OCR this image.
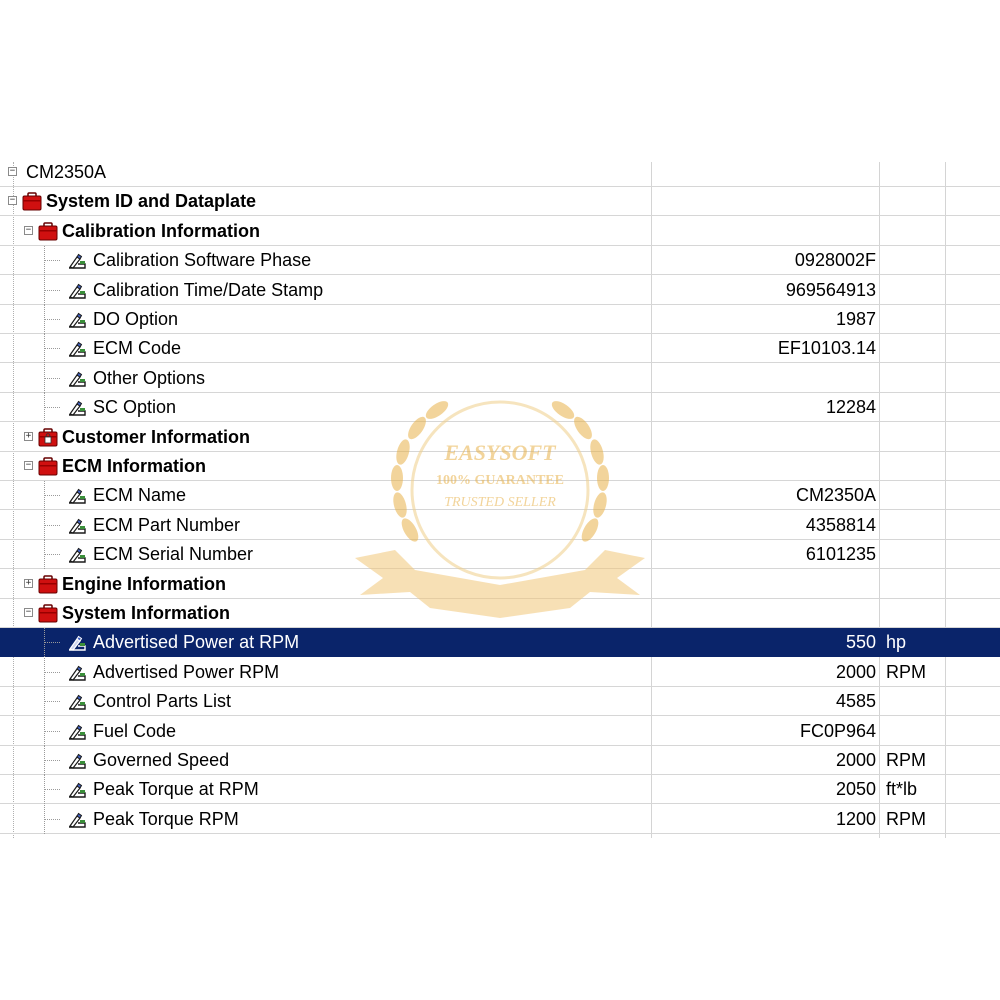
− CM2350A
− System ID and Dataplate
− Calibration Information
Calibration Software Phase	0928002F
Calibration Time/Date Stamp	969564913
DO Option	1987
ECM Code	EF10103.14
Other Options
SC Option	12284
+ Customer Information
− ECM Information
ECM Name	CM2350A
ECM Part Number	4358814
ECM Serial Number	6101235
+ Engine Information
− System Information
Advertised Power at RPM	550 hp
Advertised Power RPM	2000 RPM
Control Parts List	4585
Fuel Code	FC0P964
Governed Speed	2000 RPM
Peak Torque at RPM	2050 ft*lb
Peak Torque RPM	1200 RPM
EASYSOFT
100% GUARANTEE
TRUSTED SELLER
